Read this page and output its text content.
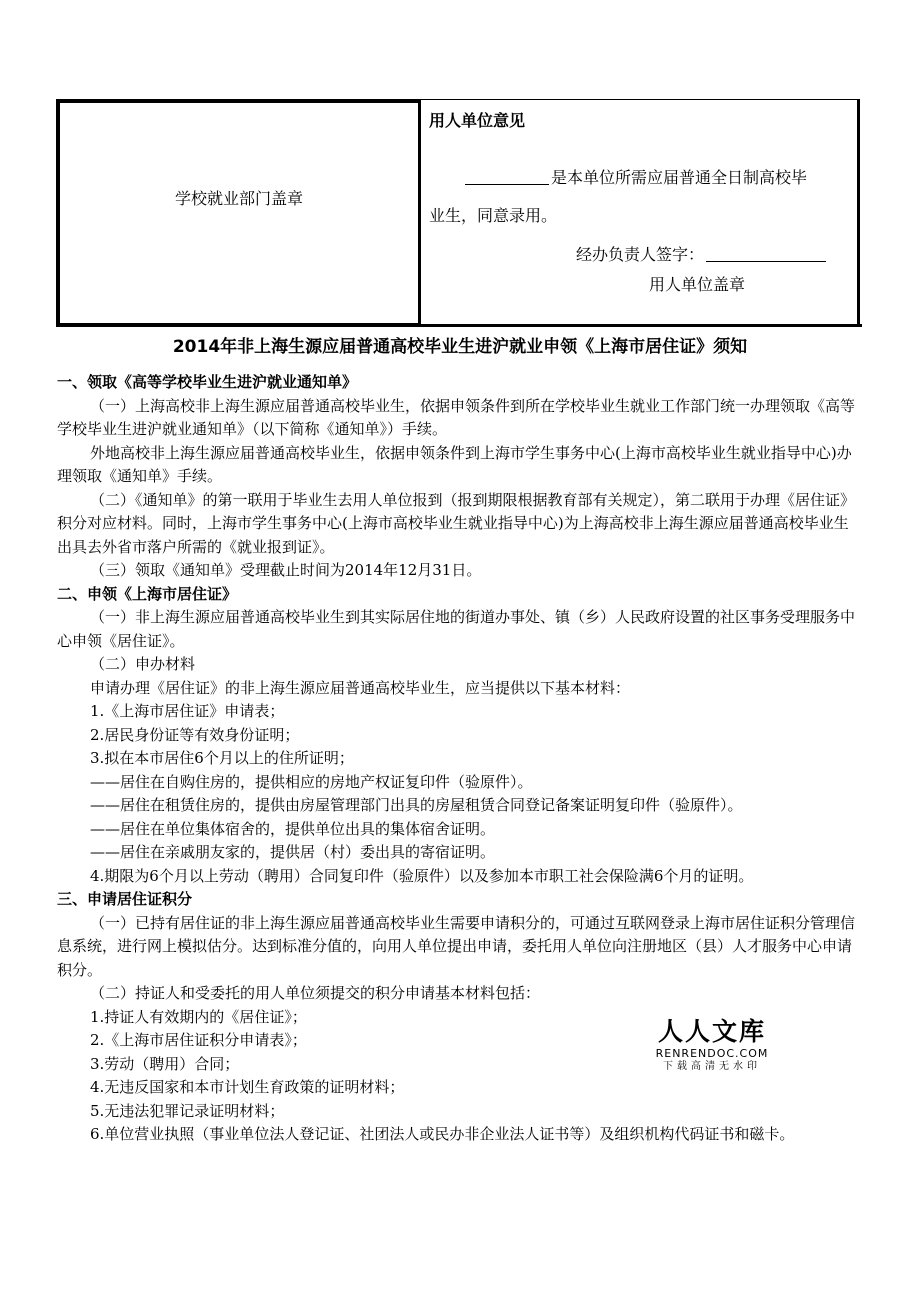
学校就业部门盖章
用人单位意见
是本单位所需应届普通全日制高校毕
业生，同意录用。
经办负责人签字：
用人单位盖章
2014年非上海生源应届普通高校毕业生进沪就业申领《上海市居住证》须知

一、领取《高等学校毕业生进沪就业通知单》

（一）上海高校非上海生源应届普通高校毕业生，依据申领条件到所在学校毕业生就业工作部门统一办理领取《高等学校毕业生进沪就业通知单》（以下简称《通知单》）手续。

外地高校非上海生源应届普通高校毕业生，依据申领条件到上海市学生事务中心(上海市高校毕业生就业指导中心)办理领取《通知单》手续。

（二）《通知单》的第一联用于毕业生去用人单位报到（报到期限根据教育部有关规定），第二联用于办理《居住证》积分对应材料。同时，上海市学生事务中心(上海市高校毕业生就业指导中心)为上海高校非上海生源应届普通高校毕业生出具去外省市落户所需的《就业报到证》。

（三）领取《通知单》受理截止时间为2014年12月31日。

二、申领《上海市居住证》

（一）非上海生源应届普通高校毕业生到其实际居住地的街道办事处、镇（乡）人民政府设置的社区事务受理服务中心申领《居住证》。

（二）申办材料

申请办理《居住证》的非上海生源应届普通高校毕业生，应当提供以下基本材料：

1.《上海市居住证》申请表；

2.居民身份证等有效身份证明；

3.拟在本市居住6个月以上的住所证明；

——居住在自购住房的，提供相应的房地产权证复印件（验原件）。

——居住在租赁住房的，提供由房屋管理部门出具的房屋租赁合同登记备案证明复印件（验原件）。

——居住在单位集体宿舍的，提供单位出具的集体宿舍证明。

——居住在亲戚朋友家的，提供居（村）委出具的寄宿证明。

4.期限为6个月以上劳动（聘用）合同复印件（验原件）以及参加本市职工社会保险满6个月的证明。

三、申请居住证积分

（一）已持有居住证的非上海生源应届普通高校毕业生需要申请积分的，可通过互联网登录上海市居住证积分管理信息系统，进行网上模拟估分。达到标准分值的，向用人单位提出申请，委托用人单位向注册地区（县）人才服务中心申请积分。

（二）持证人和受委托的用人单位须提交的积分申请基本材料包括：

1.持证人有效期内的《居住证》；

2.《上海市居住证积分申请表》；

3.劳动（聘用）合同；

4.无违反国家和本市计划生育政策的证明材料；

5.无违法犯罪记录证明材料；

6.单位营业执照（事业单位法人登记证、社团法人或民办非企业法人证书等）及组织机构代码证书和磁卡。

人人文库
RENRENDOC.COM
下载高清无水印
